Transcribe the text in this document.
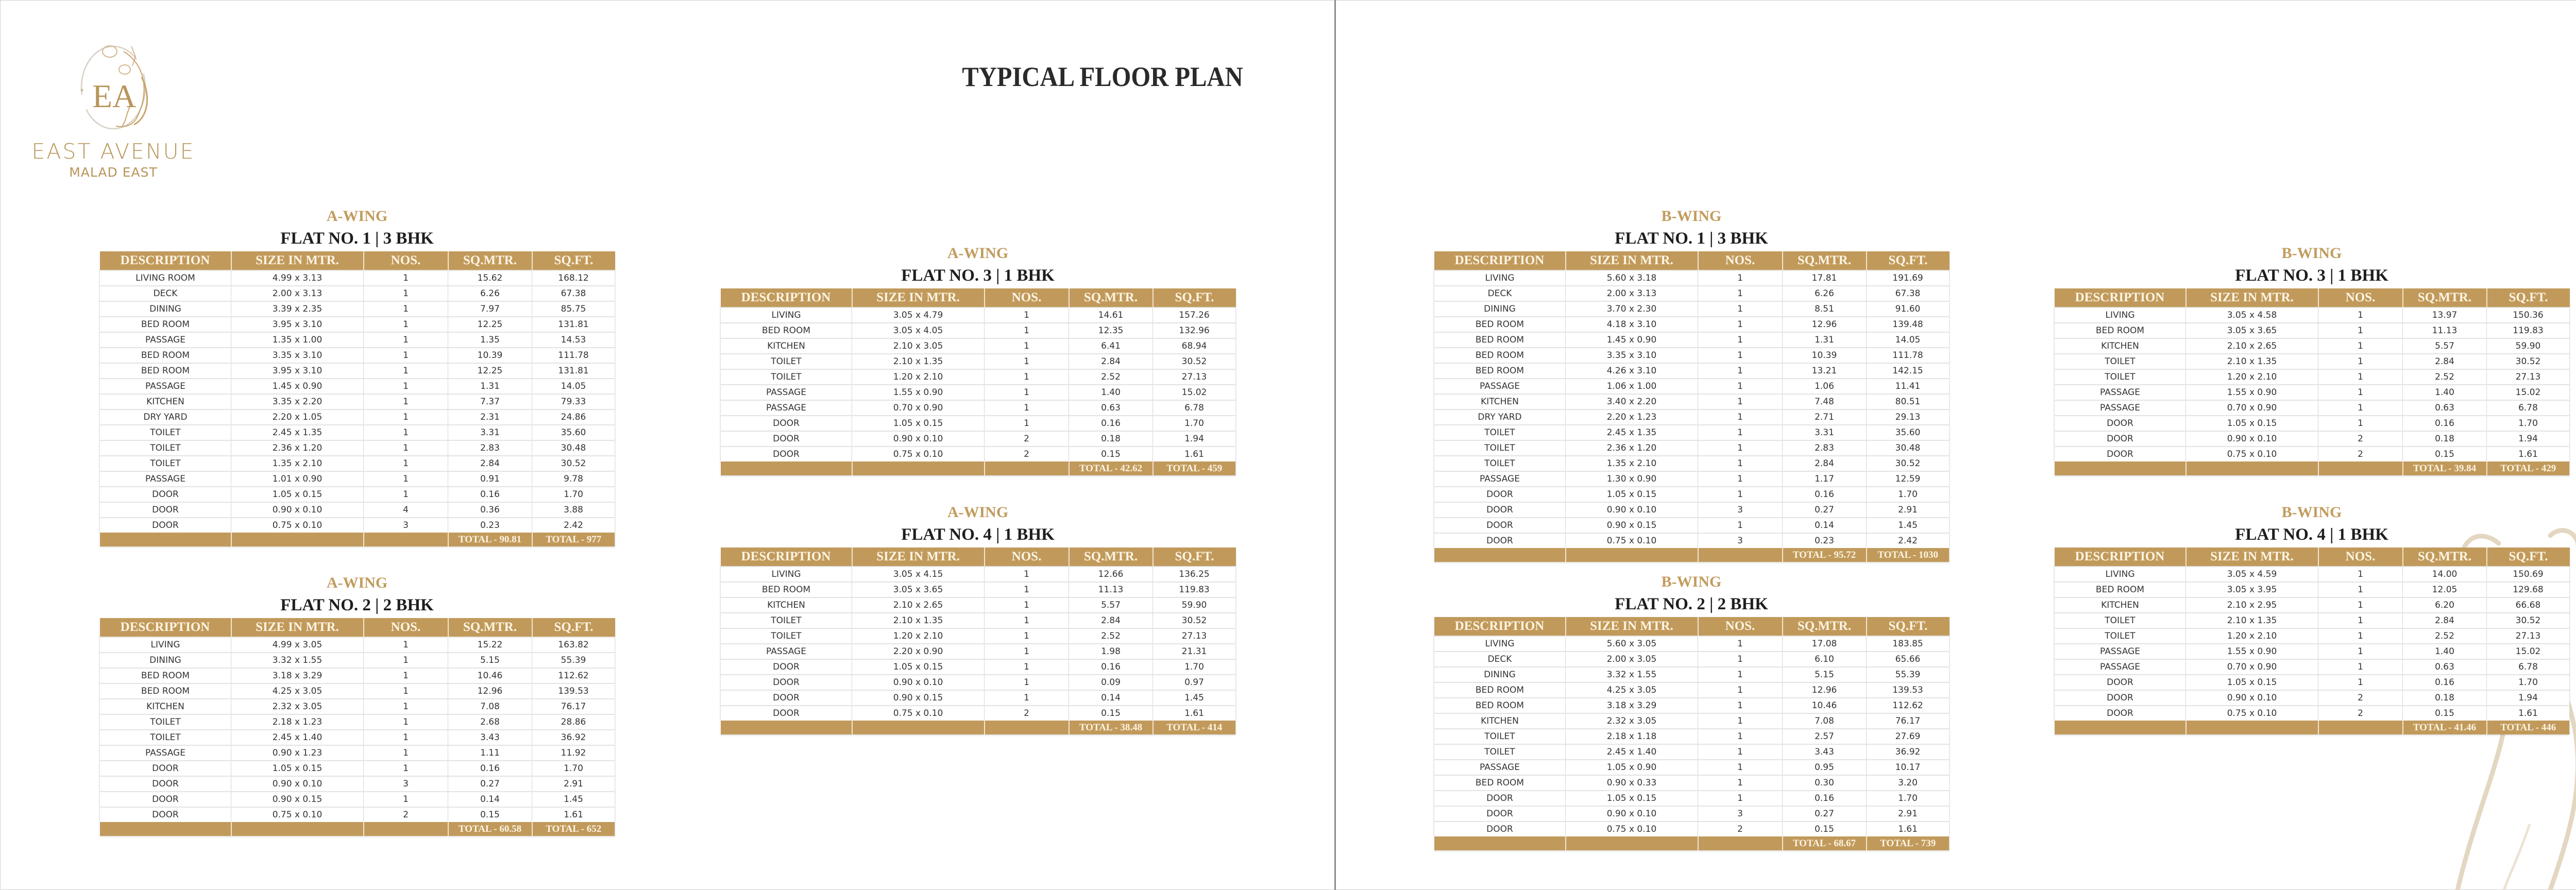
EA
EAST AVENUE
MALAD EAST
TYPICAL FLOOR PLAN
A-WING
FLAT NO. 1 | 3 BHK
DESCRIPTION	SIZE IN MTR.	NOS.	SQ.MTR.	SQ.FT.
LIVING ROOM	4.99 x 3.13	1	15.62	168.12
DECK	2.00 x 3.13	1	6.26	67.38
DINING	3.39 x 2.35	1	7.97	85.75
BED ROOM	3.95 x 3.10	1	12.25	131.81
PASSAGE	1.35 x 1.00	1	1.35	14.53
BED ROOM	3.35 x 3.10	1	10.39	111.78
BED ROOM	3.95 x 3.10	1	12.25	131.81
PASSAGE	1.45 x 0.90	1	1.31	14.05
KITCHEN	3.35 x 2.20	1	7.37	79.33
DRY YARD	2.20 x 1.05	1	2.31	24.86
TOILET	2.45 x 1.35	1	3.31	35.60
TOILET	2.36 x 1.20	1	2.83	30.48
TOILET	1.35 x 2.10	1	2.84	30.52
PASSAGE	1.01 x 0.90	1	0.91	9.78
DOOR	1.05 x 0.15	1	0.16	1.70
DOOR	0.90 x 0.10	4	0.36	3.88
DOOR	0.75 x 0.10	3	0.23	2.42
			TOTAL - 90.81	TOTAL - 977
A-WING
FLAT NO. 2 | 2 BHK
DESCRIPTION	SIZE IN MTR.	NOS.	SQ.MTR.	SQ.FT.
LIVING	4.99 x 3.05	1	15.22	163.82
DINING	3.32 x 1.55	1	5.15	55.39
BED ROOM	3.18 x 3.29	1	10.46	112.62
BED ROOM	4.25 x 3.05	1	12.96	139.53
KITCHEN	2.32 x 3.05	1	7.08	76.17
TOILET	2.18 x 1.23	1	2.68	28.86
TOILET	2.45 x 1.40	1	3.43	36.92
PASSAGE	0.90 x 1.23	1	1.11	11.92
DOOR	1.05 x 0.15	1	0.16	1.70
DOOR	0.90 x 0.10	3	0.27	2.91
DOOR	0.90 x 0.15	1	0.14	1.45
DOOR	0.75 x 0.10	2	0.15	1.61
			TOTAL - 60.58	TOTAL - 652
A-WING
FLAT NO. 3 | 1 BHK
DESCRIPTION	SIZE IN MTR.	NOS.	SQ.MTR.	SQ.FT.
LIVING	3.05 x 4.79	1	14.61	157.26
BED ROOM	3.05 x 4.05	1	12.35	132.96
KITCHEN	2.10 x 3.05	1	6.41	68.94
TOILET	2.10 x 1.35	1	2.84	30.52
TOILET	1.20 x 2.10	1	2.52	27.13
PASSAGE	1.55 x 0.90	1	1.40	15.02
PASSAGE	0.70 x 0.90	1	0.63	6.78
DOOR	1.05 x 0.15	1	0.16	1.70
DOOR	0.90 x 0.10	2	0.18	1.94
DOOR	0.75 x 0.10	2	0.15	1.61
			TOTAL - 42.62	TOTAL - 459
A-WING
FLAT NO. 4 | 1 BHK
DESCRIPTION	SIZE IN MTR.	NOS.	SQ.MTR.	SQ.FT.
LIVING	3.05 x 4.15	1	12.66	136.25
BED ROOM	3.05 x 3.65	1	11.13	119.83
KITCHEN	2.10 x 2.65	1	5.57	59.90
TOILET	2.10 x 1.35	1	2.84	30.52
TOILET	1.20 x 2.10	1	2.52	27.13
PASSAGE	2.20 x 0.90	1	1.98	21.31
DOOR	1.05 x 0.15	1	0.16	1.70
DOOR	0.90 x 0.10	1	0.09	0.97
DOOR	0.90 x 0.15	1	0.14	1.45
DOOR	0.75 x 0.10	2	0.15	1.61
			TOTAL - 38.48	TOTAL - 414
B-WING
FLAT NO. 1 | 3 BHK
DESCRIPTION	SIZE IN MTR.	NOS.	SQ.MTR.	SQ.FT.
LIVING	5.60 x 3.18	1	17.81	191.69
DECK	2.00 x 3.13	1	6.26	67.38
DINING	3.70 x 2.30	1	8.51	91.60
BED ROOM	4.18 x 3.10	1	12.96	139.48
BED ROOM	1.45 x 0.90	1	1.31	14.05
BED ROOM	3.35 x 3.10	1	10.39	111.78
BED ROOM	4.26 x 3.10	1	13.21	142.15
PASSAGE	1.06 x 1.00	1	1.06	11.41
KITCHEN	3.40 x 2.20	1	7.48	80.51
DRY YARD	2.20 x 1.23	1	2.71	29.13
TOILET	2.45 x 1.35	1	3.31	35.60
TOILET	2.36 x 1.20	1	2.83	30.48
TOILET	1.35 x 2.10	1	2.84	30.52
PASSAGE	1.30 x 0.90	1	1.17	12.59
DOOR	1.05 x 0.15	1	0.16	1.70
DOOR	0.90 x 0.10	3	0.27	2.91
DOOR	0.90 x 0.15	1	0.14	1.45
DOOR	0.75 x 0.10	3	0.23	2.42
			TOTAL - 95.72	TOTAL - 1030
B-WING
FLAT NO. 2 | 2 BHK
DESCRIPTION	SIZE IN MTR.	NOS.	SQ.MTR.	SQ.FT.
LIVING	5.60 x 3.05	1	17.08	183.85
DECK	2.00 x 3.05	1	6.10	65.66
DINING	3.32 x 1.55	1	5.15	55.39
BED ROOM	4.25 x 3.05	1	12.96	139.53
BED ROOM	3.18 x 3.29	1	10.46	112.62
KITCHEN	2.32 x 3.05	1	7.08	76.17
TOILET	2.18 x 1.18	1	2.57	27.69
TOILET	2.45 x 1.40	1	3.43	36.92
PASSAGE	1.05 x 0.90	1	0.95	10.17
BED ROOM	0.90 x 0.33	1	0.30	3.20
DOOR	1.05 x 0.15	1	0.16	1.70
DOOR	0.90 x 0.10	3	0.27	2.91
DOOR	0.75 x 0.10	2	0.15	1.61
			TOTAL - 68.67	TOTAL - 739
B-WING
FLAT NO. 3 | 1 BHK
DESCRIPTION	SIZE IN MTR.	NOS.	SQ.MTR.	SQ.FT.
LIVING	3.05 x 4.58	1	13.97	150.36
BED ROOM	3.05 x 3.65	1	11.13	119.83
KITCHEN	2.10 x 2.65	1	5.57	59.90
TOILET	2.10 x 1.35	1	2.84	30.52
TOILET	1.20 x 2.10	1	2.52	27.13
PASSAGE	1.55 x 0.90	1	1.40	15.02
PASSAGE	0.70 x 0.90	1	0.63	6.78
DOOR	1.05 x 0.15	1	0.16	1.70
DOOR	0.90 x 0.10	2	0.18	1.94
DOOR	0.75 x 0.10	2	0.15	1.61
			TOTAL - 39.84	TOTAL - 429
B-WING
FLAT NO. 4 | 1 BHK
DESCRIPTION	SIZE IN MTR.	NOS.	SQ.MTR.	SQ.FT.
LIVING	3.05 x 4.59	1	14.00	150.69
BED ROOM	3.05 x 3.95	1	12.05	129.68
KITCHEN	2.10 x 2.95	1	6.20	66.68
TOILET	2.10 x 1.35	1	2.84	30.52
TOILET	1.20 x 2.10	1	2.52	27.13
PASSAGE	1.55 x 0.90	1	1.40	15.02
PASSAGE	0.70 x 0.90	1	0.63	6.78
DOOR	1.05 x 0.15	1	0.16	1.70
DOOR	0.90 x 0.10	2	0.18	1.94
DOOR	0.75 x 0.10	2	0.15	1.61
			TOTAL - 41.46	TOTAL - 446
